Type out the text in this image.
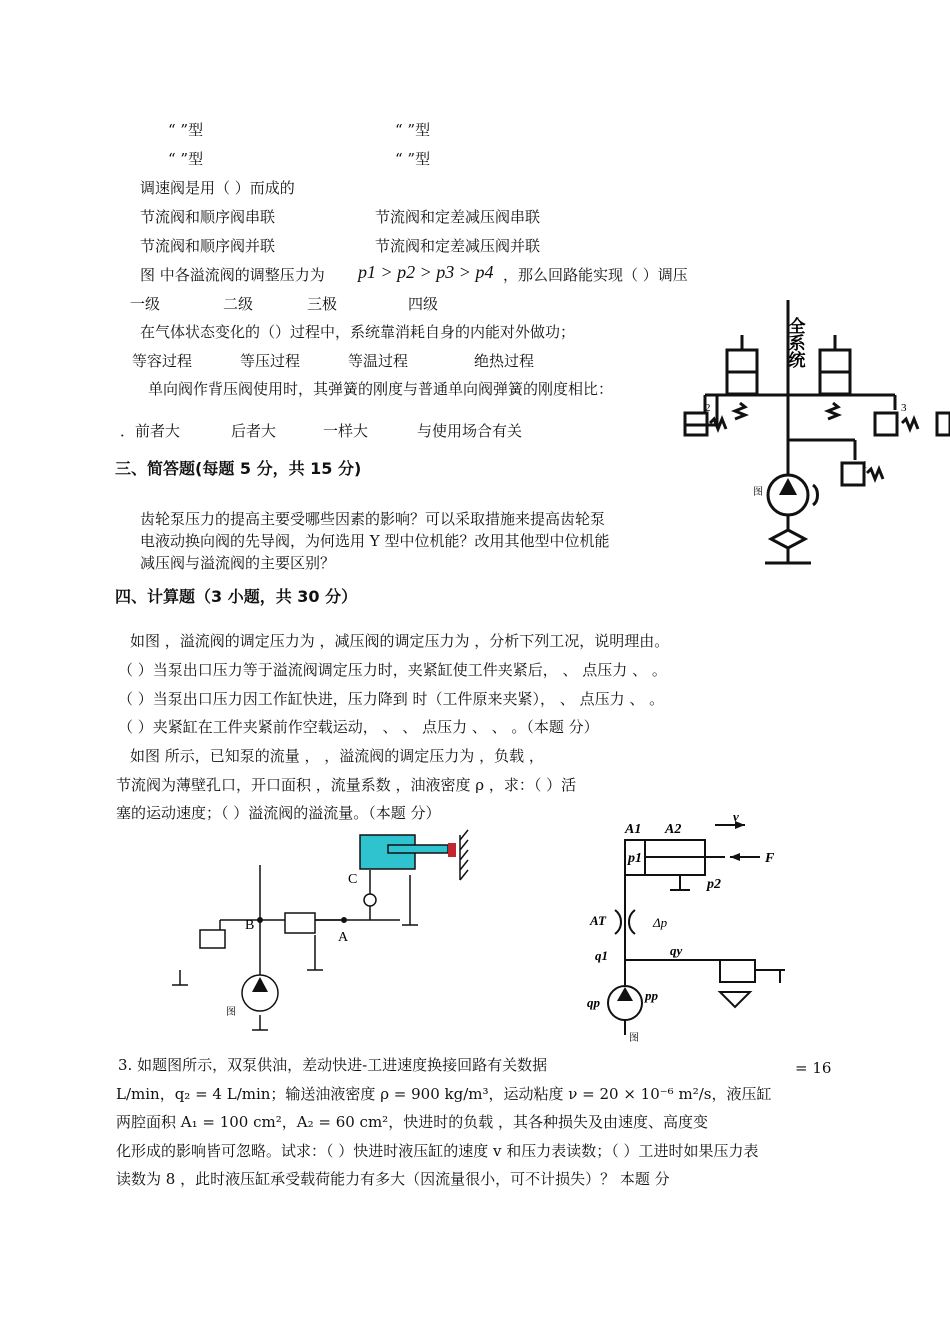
“ ”型	“ ”型
“ ”型	“ ”型
调速阀是用（ ）而成的
节流阀和顺序阀串联	节流阀和定差减压阀串联
节流阀和顺序阀并联	节流阀和定差减压阀并联
图 中各溢流阀的调整压力为 p1 > p2 > p3 > p4 ，那么回路能实现（ ）调压
一级	二级	三极	四级
在气体状态变化的（）过程中，系统靠消耗自身的内能对外做功；
等容过程	等压过程	等温过程	绝热过程
单向阀作背压阀使用时，其弹簧的刚度与普通单向阀弹簧的刚度相比：
．前者大	后者大	一样大	与使用场合有关
三、简答题(每题 5 分，共 15 分)
齿轮泵压力的提高主要受哪些因素的影响？可以采取措施来提高齿轮泵
电液动换向阀的先导阀，为何选用 Y 型中位机能？改用其他型中位机能
减压阀与溢流阀的主要区别？
四、计算题（3 小题，共 30 分）
如图 ，溢流阀的调定压力为 ，减压阀的调定压力为 ，分析下列工况，说明理由。
（ ）当泵出口压力等于溢流阀调定压力时，夹紧缸使工件夹紧后， 、 点压力 、 。
（ ）当泵出口压力因工作缸快进，压力降到 时（工件原来夹紧）， 、 点压力 、 。
（ ）夹紧缸在工件夹紧前作空载运动， 、 、 点压力 、 、 。（本题 分）
如图 所示，已知泵的流量 ， ，溢流阀的调定压力为 ，负载 ，
节流阀为薄壁孔口，开口面积 ，流量系数 ，油液密度 ρ ，求：（ ）活
塞的运动速度；（ ）溢流阀的溢流量。（本题 分）
3. 如题图所示，双泵供油，差动快进-工进速度换接回路有关数据	= 16
L/min，q₂ = 4 L/min；输送油液密度 ρ = 900 kg/m³，运动粘度 ν = 20 × 10⁻⁶ m²/s，液压缸
两腔面积 A₁ = 100 cm²，A₂ = 60 cm²，快进时的负载 ，其各种损失及由速度、高度变
化形成的影响皆可忽略。试求：（ ）快进时液压缸的速度 v 和压力表读数；（ ）工进时如果压力表
读数为 8 ，此时液压缸承受载荷能力有多大（因流量很小，可不计损失）？ 本题 分
全系统
2	3
1
图
A
B
C
图
A1 A2
v
p1	F
p2
AT	Δp
q1	qy
qp	pp
图
